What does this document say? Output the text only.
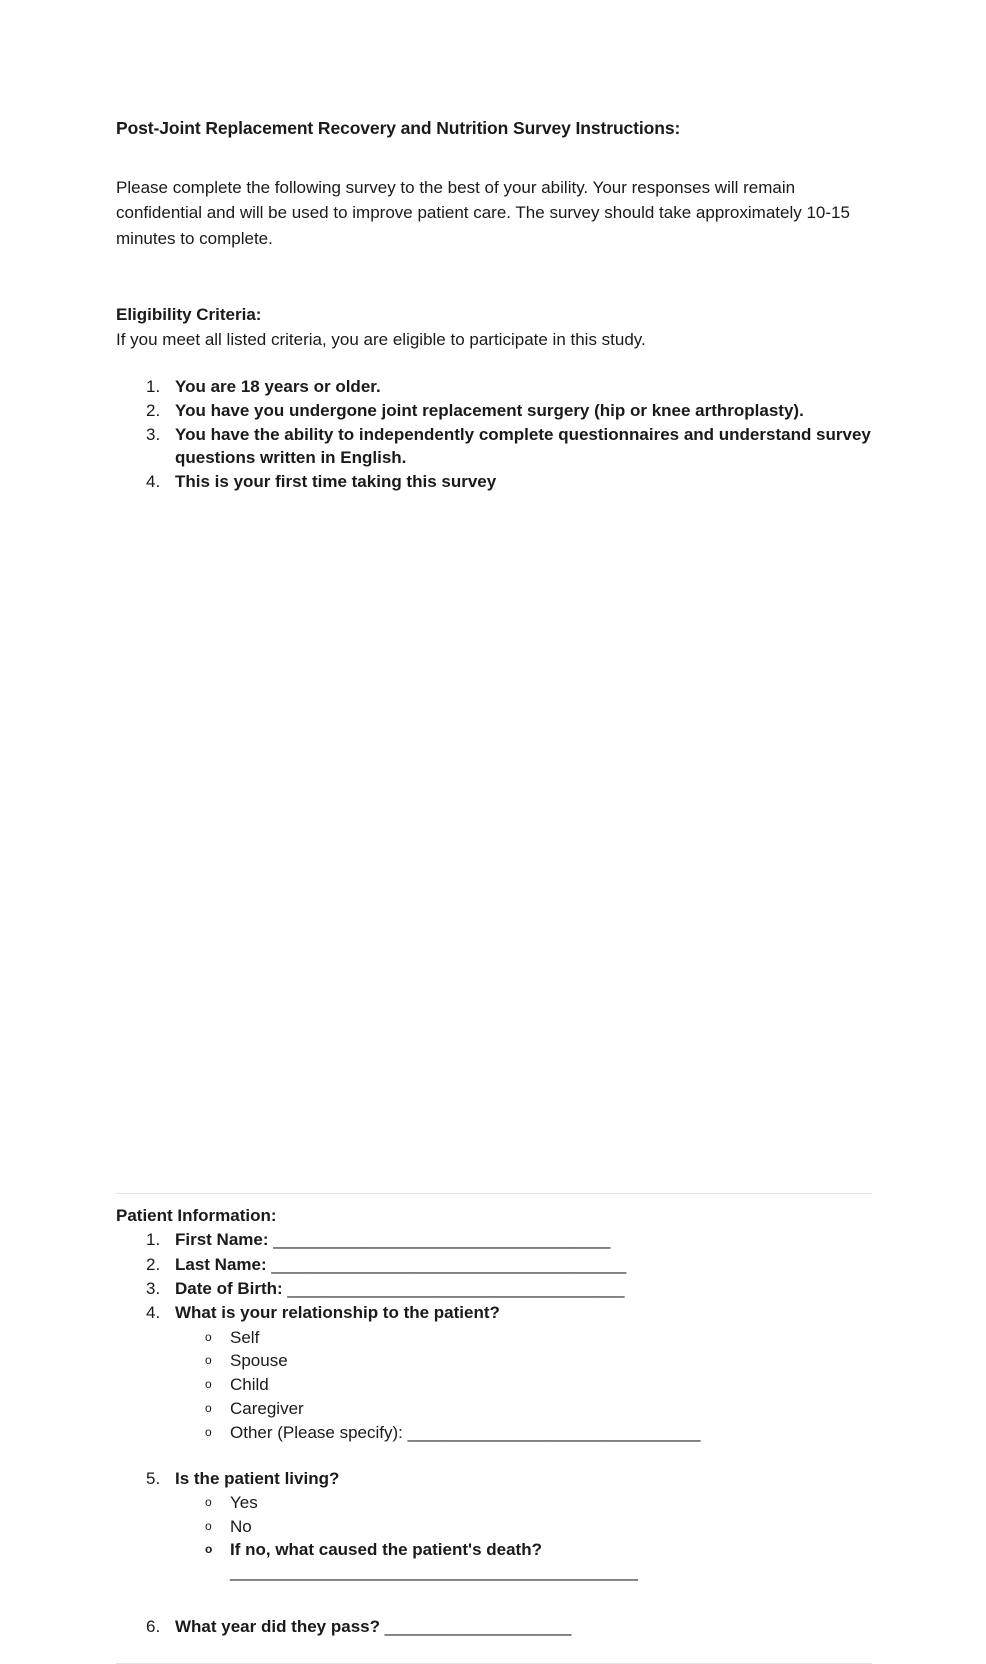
Post-Joint Replacement Recovery and Nutrition Survey Instructions:

Please complete the following survey to the best of your ability. Your responses will remain confidential and will be used to improve patient care. The survey should take approximately 10-15 minutes to complete.

Eligibility Criteria:
If you meet all listed criteria, you are eligible to participate in this study.
1. You are 18 years or older.
2. You have you undergone joint replacement surgery (hip or knee arthroplasty).
3. You have the ability to independently complete questionnaires and understand survey questions written in English.
4. This is your first time taking this survey
Patient Information:
1. First Name: ______________________________________
2. Last Name: ________________________________________
3. Date of Birth: ______________________________________
4. What is your relationship to the patient?
o Self
o Spouse
o Child
o Caregiver
o Other (Please specify): _________________________________
5. Is the patient living?
o Yes
o No
o If no, what caused the patient's death?
______________________________________________
6. What year did they pass? _____________________
